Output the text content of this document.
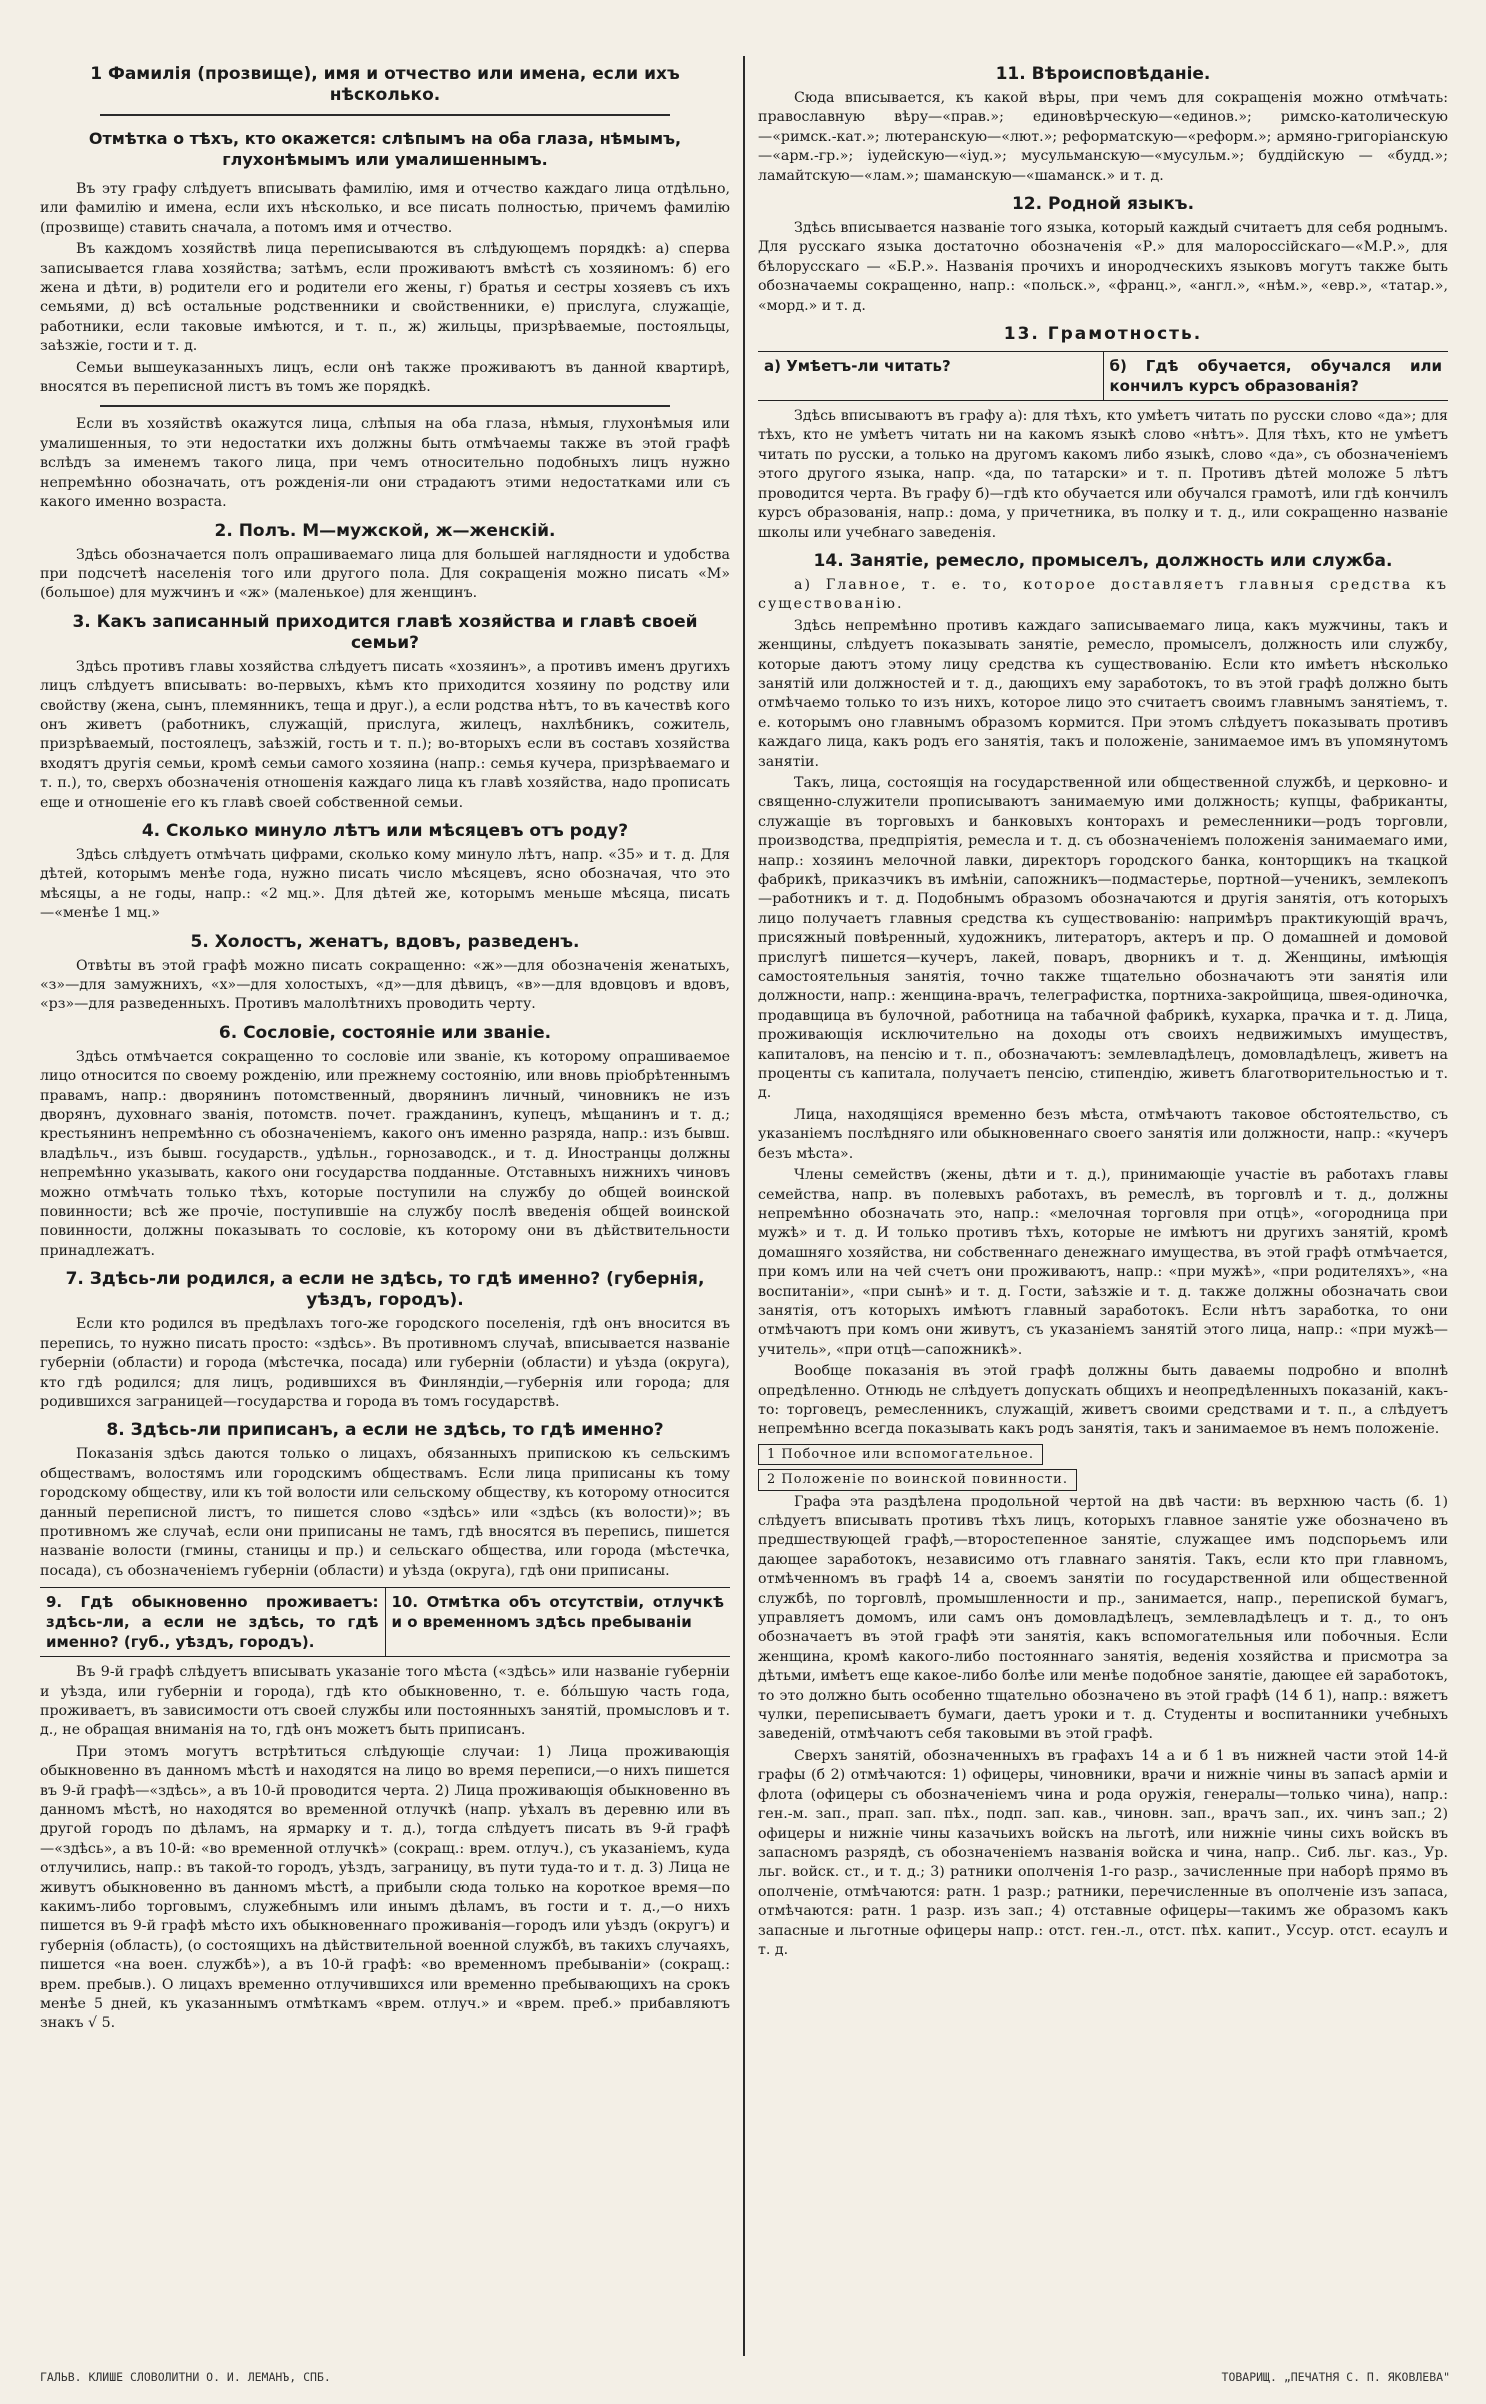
1 Фамилія (прозвище), имя и отчество или имена, если ихъ нѣсколько.
Отмѣтка о тѣхъ, кто окажется: слѣпымъ на оба глаза, нѣмымъ, глухонѣмымъ или умалишеннымъ.

Въ эту графу слѣдуетъ вписывать фамилію, имя и отчество каждаго лица отдѣльно, или фамилію и имена, если ихъ нѣсколько, и все писать полностью, причемъ фамилію (прозвище) ставить сначала, а потомъ имя и отчество.

Въ каждомъ хозяйствѣ лица переписываются въ слѣдующемъ порядкѣ: а) сперва записывается глава хозяйства; затѣмъ, если проживаютъ вмѣстѣ съ хозяиномъ: б) его жена и дѣти, в) родители его и родители его жены, г) братья и сестры хозяевъ съ ихъ семьями, д) всѣ остальные родственники и свойственники, е) прислуга, служащіе, работники, если таковые имѣются, и т. п., ж) жильцы, призрѣваемые, постояльцы, заѣзжіе, гости и т. д.

Семьи вышеуказанныхъ лицъ, если онѣ также проживаютъ въ данной квартирѣ, вносятся въ переписной листъ въ томъ же порядкѣ.

Если въ хозяйствѣ окажутся лица, слѣпыя на оба глаза, нѣмыя, глухонѣмыя или умалишенныя, то эти недостатки ихъ должны быть отмѣчаемы также въ этой графѣ вслѣдъ за именемъ такого лица, при чемъ относительно подобныхъ лицъ нужно непремѣнно обозначать, отъ рожденія-ли они страдаютъ этими недостатками или съ какого именно возраста.

2. Полъ. М—мужской, ж—женскій.

Здѣсь обозначается полъ опрашиваемаго лица для большей наглядности и удобства при подсчетѣ населенія того или другого пола. Для сокращенія можно писать «М» (большое) для мужчинъ и «ж» (маленькое) для женщинъ.

3. Какъ записанный приходится главѣ хозяйства и главѣ своей семьи?

Здѣсь противъ главы хозяйства слѣдуетъ писать «хозяинъ», а противъ именъ другихъ лицъ слѣдуетъ вписывать: во-первыхъ, кѣмъ кто приходится хозяину по родству или свойству (жена, сынъ, племянникъ, теща и друг.), а если родства нѣтъ, то въ качествѣ кого онъ живетъ (работникъ, служащій, прислуга, жилецъ, нахлѣбникъ, сожитель, призрѣваемый, постоялецъ, заѣзжій, гость и т. п.); во-вторыхъ если въ составъ хозяйства входятъ другія семьи, кромѣ семьи самого хозяина (напр.: семья кучера, призрѣваемаго и т. п.), то, сверхъ обозначенія отношенія каждаго лица къ главѣ хозяйства, надо прописать еще и отношеніе его къ главѣ своей собственной семьи.

4. Сколько минуло лѣтъ или мѣсяцевъ отъ роду?

Здѣсь слѣдуетъ отмѣчать цифрами, сколько кому минуло лѣтъ, напр. «35» и т. д. Для дѣтей, которымъ менѣе года, нужно писать число мѣсяцевъ, ясно обозначая, что это мѣсяцы, а не годы, напр.: «2 мц.». Для дѣтей же, которымъ меньше мѣсяца, писать—«менѣе 1 мц.»

5. Холостъ, женатъ, вдовъ, разведенъ.

Отвѣты въ этой графѣ можно писать сокращенно: «ж»—для обозначенія женатыхъ, «з»—для замужнихъ, «х»—для холостыхъ, «д»—для дѣвицъ, «в»—для вдовцовъ и вдовъ, «рз»—для разведенныхъ. Противъ малолѣтнихъ проводить черту.

6. Сословіе, состояніе или званіе.

Здѣсь отмѣчается сокращенно то сословіе или званіе, къ которому опрашиваемое лицо относится по своему рожденію, или прежнему состоянію, или вновь пріобрѣтеннымъ правамъ, напр.: дворянинъ потомственный, дворянинъ личный, чиновникъ не изъ дворянъ, духовнаго званія, потомств. почет. гражданинъ, купецъ, мѣщанинъ и т. д.; крестьянинъ непремѣнно съ обозначеніемъ, какого онъ именно разряда, напр.: изъ бывш. владѣльч., изъ бывш. государств., удѣльн., горнозаводск., и т. д. Иностранцы должны непремѣнно указывать, какого они государства подданные. Отставныхъ нижнихъ чиновъ можно отмѣчать только тѣхъ, которые поступили на службу до общей воинской повинности; всѣ же прочіе, поступившіе на службу послѣ введенія общей воинской повинности, должны показывать то сословіе, къ которому они въ дѣйствительности принадлежатъ.

7. Здѣсь-ли родился, а если не здѣсь, то гдѣ именно? (губернія, уѣздъ, городъ).

Если кто родился въ предѣлахъ того-же городского поселенія, гдѣ онъ вносится въ перепись, то нужно писать просто: «здѣсь». Въ противномъ случаѣ, вписывается названіе губерніи (области) и города (мѣстечка, посада) или губерніи (области) и уѣзда (округа), кто гдѣ родился; для лицъ, родившихся въ Финляндіи,—губернія или города; для родившихся заграницей—государства и города въ томъ государствѣ.

8. Здѣсь-ли приписанъ, а если не здѣсь, то гдѣ именно?

Показанія здѣсь даются только о лицахъ, обязанныхъ припискою къ сельскимъ обществамъ, волостямъ или городскимъ обществамъ. Если лица приписаны къ тому городскому обществу, или къ той волости или сельскому обществу, къ которому относится данный переписной листъ, то пишется слово «здѣсь» или «здѣсь (къ волости)»; въ противномъ же случаѣ, если они приписаны не тамъ, гдѣ вносятся въ перепись, пишется названіе волости (гмины, станицы и пр.) и сельскаго общества, или города (мѣстечка, посада), съ обозначеніемъ губерніи (области) и уѣзда (округа), гдѣ они приписаны.

9. Гдѣ обыкновенно проживаетъ: здѣсь-ли, а если не здѣсь, то гдѣ именно? (губ., уѣздъ, городъ).
10. Отмѣтка объ отсутствіи, отлучкѣ и о временномъ здѣсь пребываніи

Въ 9-й графѣ слѣдуетъ вписывать указаніе того мѣста («здѣсь» или названіе губерніи и уѣзда, или губерніи и города), гдѣ кто обыкновенно, т. е. бóльшую часть года, проживаетъ, въ зависимости отъ своей службы или постоянныхъ занятій, промысловъ и т. д., не обращая вниманія на то, гдѣ онъ можетъ быть приписанъ.

При этомъ могутъ встрѣтиться слѣдующіе случаи: 1) Лица проживающія обыкновенно въ данномъ мѣстѣ и находятся на лицо во время переписи,—о нихъ пишется въ 9-й графѣ—«здѣсь», а въ 10-й проводится черта. 2) Лица проживающія обыкновенно въ данномъ мѣстѣ, но находятся во временной отлучкѣ (напр. уѣхалъ въ деревню или въ другой городъ по дѣламъ, на ярмарку и т. д.), тогда слѣдуетъ писать въ 9-й графѣ—«здѣсь», а въ 10-й: «во временной отлучкѣ» (сокращ.: врем. отлуч.), съ указаніемъ, куда отлучились, напр.: въ такой-то городъ, уѣздъ, заграницу, въ пути туда-то и т. д. 3) Лица не живутъ обыкновенно въ данномъ мѣстѣ, а прибыли сюда только на короткое время—по какимъ-либо торговымъ, служебнымъ или инымъ дѣламъ, въ гости и т. д.,—о нихъ пишется въ 9-й графѣ мѣсто ихъ обыкновеннаго проживанія—городъ или уѣздъ (округъ) и губернія (область), (о состоящихъ на дѣйствительной военной службѣ, въ такихъ случаяхъ, пишется «на воен. службѣ»), а въ 10-й графѣ: «во временномъ пребываніи» (сокращ.: врем. пребыв.). О лицахъ временно отлучившихся или временно пребывающихъ на срокъ менѣе 5 дней, къ указаннымъ отмѣткамъ «врем. отлуч.» и «врем. преб.» прибавляютъ знакъ √ 5.

11. Вѣроисповѣданіе.

Сюда вписывается, къ какой вѣры, при чемъ для сокращенія можно отмѣчать: православную вѣру—«прав.»; единовѣрческую—«единов.»; римско-католическую—«римск.-кат.»; лютеранскую—«лют.»; реформатскую—«реформ.»; армяно-григоріанскую—«арм.-гр.»; іудейскую—«іуд.»; мусульманскую—«мусульм.»; буддійскую — «будд.»; ламайтскую—«лам.»; шаманскую—«шаманск.» и т. д.

12. Родной языкъ.

Здѣсь вписывается названіе того языка, который каждый считаетъ для себя роднымъ. Для русскаго языка достаточно обозначенія «Р.» для малороссійскаго—«М.Р.», для бѣлорусскаго — «Б.Р.». Названія прочихъ и инородческихъ языковъ могутъ также быть обозначаемы сокращенно, напр.: «польск.», «франц.», «англ.», «нѣм.», «евр.», «татар.», «морд.» и т. д.

13. Грамотность.
а) Умѣетъ-ли читать?	б) Гдѣ обучается, обучался или кончилъ курсъ образованія?

Здѣсь вписываютъ въ графу а): для тѣхъ, кто умѣетъ читать по русски слово «да»; для тѣхъ, кто не умѣетъ читать ни на какомъ языкѣ слово «нѣтъ». Для тѣхъ, кто не умѣетъ читать по русски, а только на другомъ какомъ либо языкѣ, слово «да», съ обозначеніемъ этого другого языка, напр. «да, по татарски» и т. п. Противъ дѣтей моложе 5 лѣтъ проводится черта. Въ графу б)—гдѣ кто обучается или обучался грамотѣ, или гдѣ кончилъ курсъ образованія, напр.: дома, у причетника, въ полку и т. д., или сокращенно названіе школы или учебнаго заведенія.

14. Занятіе, ремесло, промыселъ, должность или служба.

а) Главное, т. е. то, которое доставляетъ главныя средства къ существованію.

Здѣсь непремѣнно противъ каждаго записываемаго лица, какъ мужчины, такъ и женщины, слѣдуетъ показывать занятіе, ремесло, промыселъ, должность или службу, которые даютъ этому лицу средства къ существованію. Если кто имѣетъ нѣсколько занятій или должностей и т. д., дающихъ ему заработокъ, то въ этой графѣ должно быть отмѣчаемо только то изъ нихъ, которое лицо это считаетъ своимъ главнымъ занятіемъ, т. е. которымъ оно главнымъ образомъ кормится. При этомъ слѣдуетъ показывать противъ каждаго лица, какъ родъ его занятія, такъ и положеніе, занимаемое имъ въ упомянутомъ занятіи.

Такъ, лица, состоящія на государственной или общественной службѣ, и церковно- и священно-служители прописываютъ занимаемую ими должность; купцы, фабриканты, служащіе въ торговыхъ и банковыхъ конторахъ и ремесленники—родъ торговли, производства, предпріятія, ремесла и т. д. съ обозначеніемъ положенія занимаемаго ими, напр.: хозяинъ мелочной лавки, директоръ городского банка, конторщикъ на ткацкой фабрикѣ, приказчикъ въ имѣніи, сапожникъ—подмастерье, портной—ученикъ, землекопъ—работникъ и т. д. Подобнымъ образомъ обозначаются и другія занятія, отъ которыхъ лицо получаетъ главныя средства къ существованію: напримѣръ практикующій врачъ, присяжный повѣренный, художникъ, литераторъ, актеръ и пр. О домашней и домовой прислугѣ пишется—кучеръ, лакей, поваръ, дворникъ и т. д. Женщины, имѣющія самостоятельныя занятія, точно также тщательно обозначаютъ эти занятія или должности, напр.: женщина-врачъ, телеграфистка, портниха-закройщица, швея-одиночка, продавщица въ булочной, работница на табачной фабрикѣ, кухарка, прачка и т. д. Лица, проживающія исключительно на доходы отъ своихъ недвижимыхъ имуществъ, капиталовъ, на пенсію и т. п., обозначаютъ: землевладѣлецъ, домовладѣлецъ, живетъ на проценты съ капитала, получаетъ пенсію, стипендію, живетъ благотворительностью и т. д.

Лица, находящіяся временно безъ мѣста, отмѣчаютъ таковое обстоятельство, съ указаніемъ послѣдняго или обыкновеннаго своего занятія или должности, напр.: «кучеръ безъ мѣста».

Члены семействъ (жены, дѣти и т. д.), принимающіе участіе въ работахъ главы семейства, напр. въ полевыхъ работахъ, въ ремеслѣ, въ торговлѣ и т. д., должны непремѣнно обозначать это, напр.: «мелочная торговля при отцѣ», «огородница при мужѣ» и т. д. И только противъ тѣхъ, которые не имѣютъ ни другихъ занятій, кромѣ домашняго хозяйства, ни собственнаго денежнаго имущества, въ этой графѣ отмѣчается, при комъ или на чей счетъ они проживаютъ, напр.: «при мужѣ», «при родителяхъ», «на воспитаніи», «при сынѣ» и т. д. Гости, заѣзжіе и т. д. также должны обозначать свои занятія, отъ которыхъ имѣютъ главный заработокъ. Если нѣтъ заработка, то они отмѣчаютъ при комъ они живутъ, съ указаніемъ занятій этого лица, напр.: «при мужѣ—учитель», «при отцѣ—сапожникѣ».

Вообще показанія въ этой графѣ должны быть даваемы подробно и вполнѣ опредѣленно. Отнюдь не слѣдуетъ допускать общихъ и неопредѣленныхъ показаній, какъ-то: торговецъ, ремесленникъ, служащій, живетъ своими средствами и т. п., а слѣдуетъ непремѣнно всегда показывать какъ родъ занятія, такъ и занимаемое въ немъ положеніе.

1 Побочное или вспомогательное.
2 Положеніе по воинской повинности.

Графа эта раздѣлена продольной чертой на двѣ части: въ верхнюю часть (б. 1) слѣдуетъ вписывать противъ тѣхъ лицъ, которыхъ главное занятіе уже обозначено въ предшествующей графѣ,—второстепенное занятіе, служащее имъ подспорьемъ или дающее заработокъ, независимо отъ главнаго занятія. Такъ, если кто при главномъ, отмѣченномъ въ графѣ 14 а, своемъ занятіи по государственной или общественной службѣ, по торговлѣ, промышленности и пр., занимается, напр., перепиской бумагъ, управляетъ домомъ, или самъ онъ домовладѣлецъ, землевладѣлецъ и т. д., то онъ обозначаетъ въ этой графѣ эти занятія, какъ вспомогательныя или побочныя. Если женщина, кромѣ какого-либо постояннаго занятія, веденія хозяйства и присмотра за дѣтьми, имѣетъ еще какое-либо болѣе или менѣе подобное занятіе, дающее ей заработокъ, то это должно быть особенно тщательно обозначено въ этой графѣ (14 б 1), напр.: вяжетъ чулки, переписываетъ бумаги, даетъ уроки и т. д. Студенты и воспитанники учебныхъ заведеній, отмѣчаютъ себя таковыми въ этой графѣ.

Сверхъ занятій, обозначенныхъ въ графахъ 14 а и б 1 въ нижней части этой 14-й графы (б 2) отмѣчаются: 1) офицеры, чиновники, врачи и нижніе чины въ запасѣ арміи и флота (офицеры съ обозначеніемъ чина и рода оружія, генералы—только чина), напр.: ген.-м. зап., прап. зап. пѣх., подп. зап. кав., чиновн. зап., врачъ зап., их. чинъ зап.; 2) офицеры и нижніе чины казачьихъ войскъ на льготѣ, или нижніе чины сихъ войскъ въ запасномъ разрядѣ, съ обозначеніемъ названія войска и чина, напр.. Сиб. льг. каз., Ур. льг. войск. ст., и т. д.; 3) ратники ополченія 1-го разр., зачисленные при наборѣ прямо въ ополченіе, отмѣчаются: ратн. 1 разр.; ратники, перечисленные въ ополченіе изъ запаса, отмѣчаются: ратн. 1 разр. изъ зап.; 4) отставные офицеры—такимъ же образомъ какъ запасные и льготные офицеры напр.: отст. ген.-л., отст. пѣх. капит., Уссур. отст. есаулъ и т. д.

ГАЛЬВ. КЛИШЕ СЛОВОЛИТНИ О. И. ЛЕМАНЪ, СПБ.	ТОВАРИЩ. „ПЕЧАТНЯ С. П. ЯКОВЛЕВА"
